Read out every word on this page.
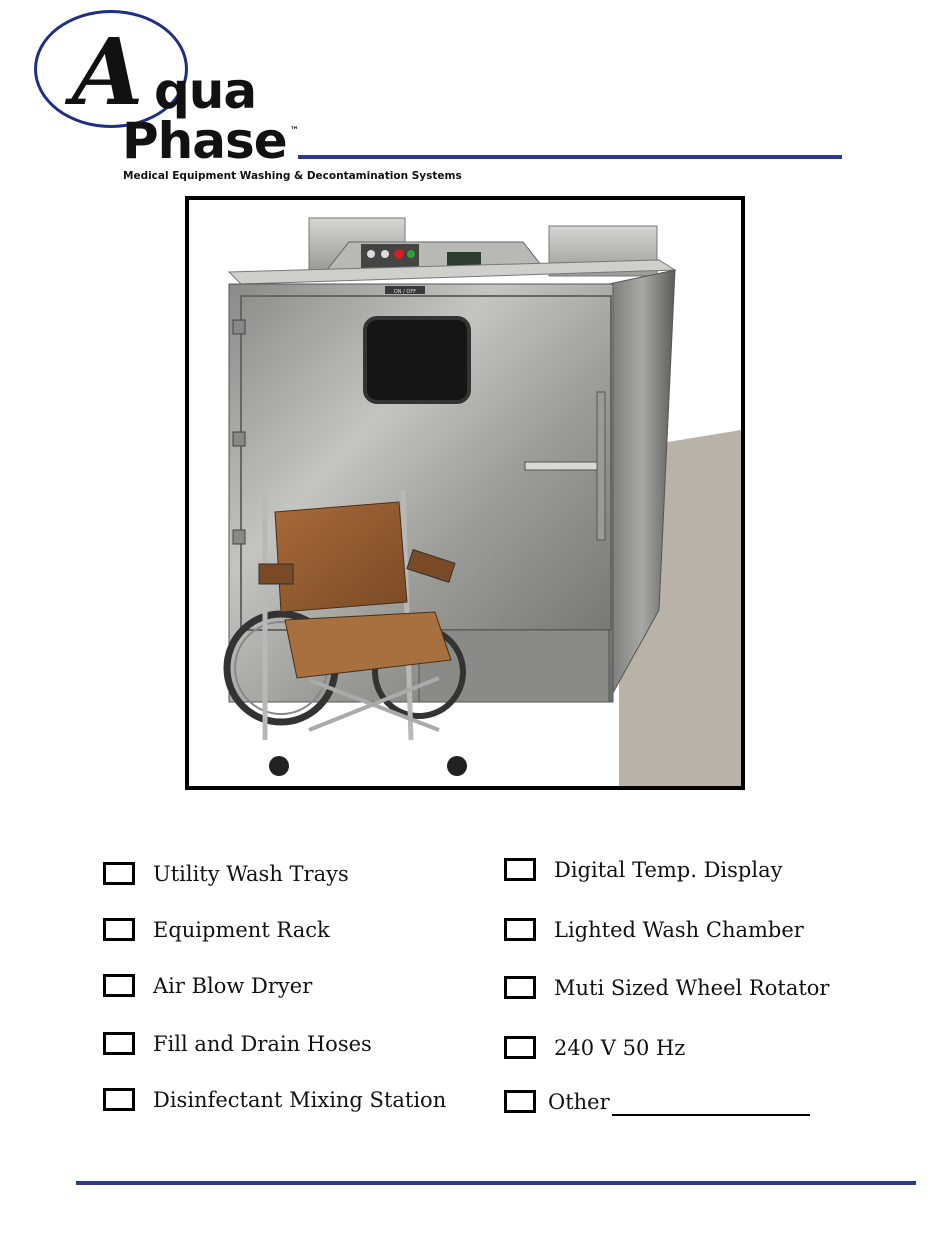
A qua
Phase ™
Medical Equipment Washing & Decontamination Systems
ON / OFF
Utility Wash Trays
Equipment Rack
Air Blow Dryer
Fill and Drain Hoses
Disinfectant Mixing Station
Digital Temp. Display
Lighted Wash Chamber
Muti Sized Wheel Rotator
240 V 50 Hz
Other
